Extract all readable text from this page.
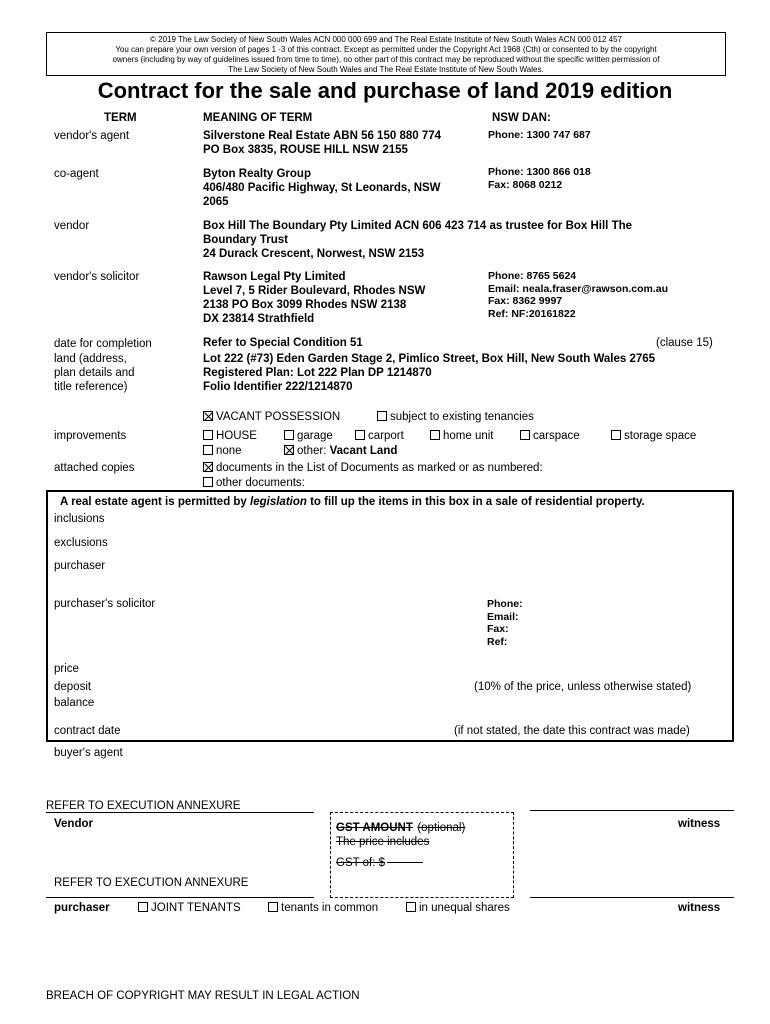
© 2019 The Law Society of New South Wales ACN 000 000 699 and The Real Estate Institute of New South Wales ACN 000 012 457
You can prepare your own version of pages 1 -3 of this contract. Except as permitted under the Copyright Act 1968 (Cth) or consented to by the copyright
owners (including by way of guidelines issued from time to time), no other part of this contract may be reproduced without the specific written permission of
The Law Society of New South Wales and The Real Estate Institute of New South Wales.
Contract for the sale and purchase of land 2019 edition
TERM	MEANING OF TERM	NSW DAN:
vendor's agent	Silverstone Real Estate ABN 56 150 880 774
PO Box 3835, ROUSE HILL NSW 2155
Phone: 1300 747 687
co-agent	Byton Realty Group
406/480 Pacific Highway, St Leonards, NSW
2065
Phone: 1300 866 018
Fax: 8068 0212
vendor	Box Hill The Boundary Pty Limited ACN 606 423 714 as trustee for Box Hill The
Boundary Trust
24 Durack Crescent, Norwest, NSW 2153
vendor's solicitor	Rawson Legal Pty Limited
Level 7, 5 Rider Boulevard, Rhodes NSW
2138 PO Box 3099 Rhodes NSW 2138
DX 23814 Strathfield
Phone: 8765 5624
Email: neala.fraser@rawson.com.au
Fax: 8362 9997
Ref: NF:20161822
date for completion	Refer to Special Condition 51	(clause 15)
land (address,
plan details and
title reference)
Lot 222 (#73) Eden Garden Stage 2, Pimlico Street, Box Hill, New South Wales 2765
Registered Plan: Lot 222 Plan DP 1214870
Folio Identifier 222/1214870
VACANT POSSESSION	subject to existing tenancies
improvements	HOUSE	garage	carport	home unit	carspace	storage space
none	other: Vacant Land
attached copies	documents in the List of Documents as marked or as numbered:
other documents:
A real estate agent is permitted by legislation to fill up the items in this box in a sale of residential property.
inclusions
exclusions
purchaser
purchaser's solicitor	Phone:
Email:
Fax:
Ref:
price
deposit	(10% of the price, unless otherwise stated)
balance
contract date	(if not stated, the date this contract was made)
buyer's agent
REFER TO EXECUTION ANNEXURE
Vendor	witness
GST AMOUNT (optional)
The price includes
GST of: $
REFER TO EXECUTION ANNEXURE
purchaser	JOINT TENANTS	tenants in common	in unequal shares	witness
BREACH OF COPYRIGHT MAY RESULT IN LEGAL ACTION
